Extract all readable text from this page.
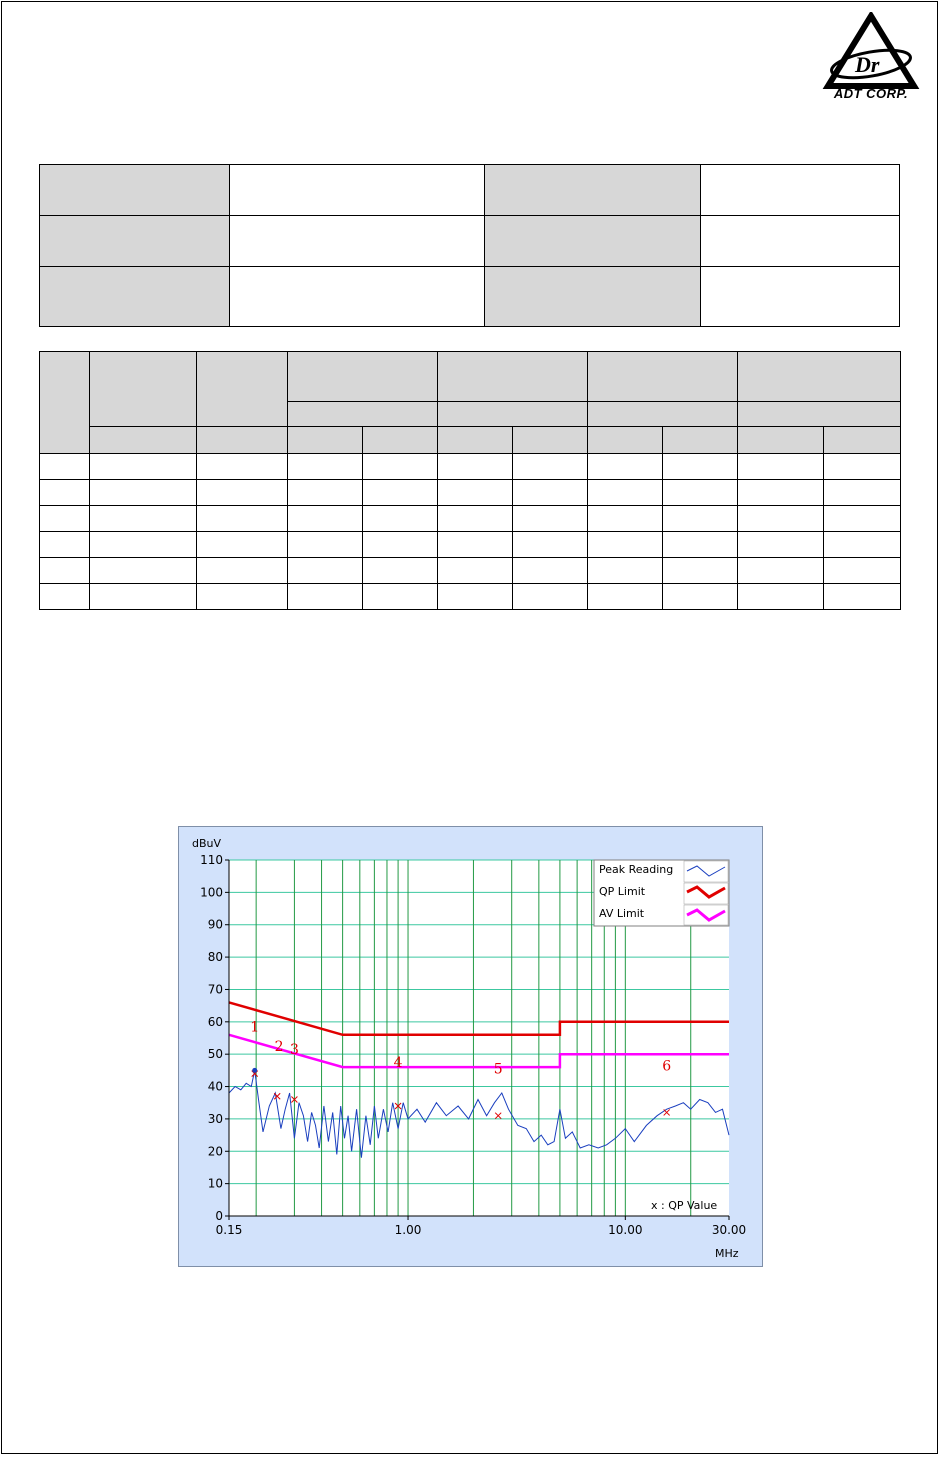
Dr
ADT CORP.

1
2 3
4	5	6
0
10
20
30
40
50
60
70
80
90
100
110
0.15	1.00	10.00	30.00
Peak Reading
QP Limit
AV Limit
x : QP Value
dBuV
MHz
